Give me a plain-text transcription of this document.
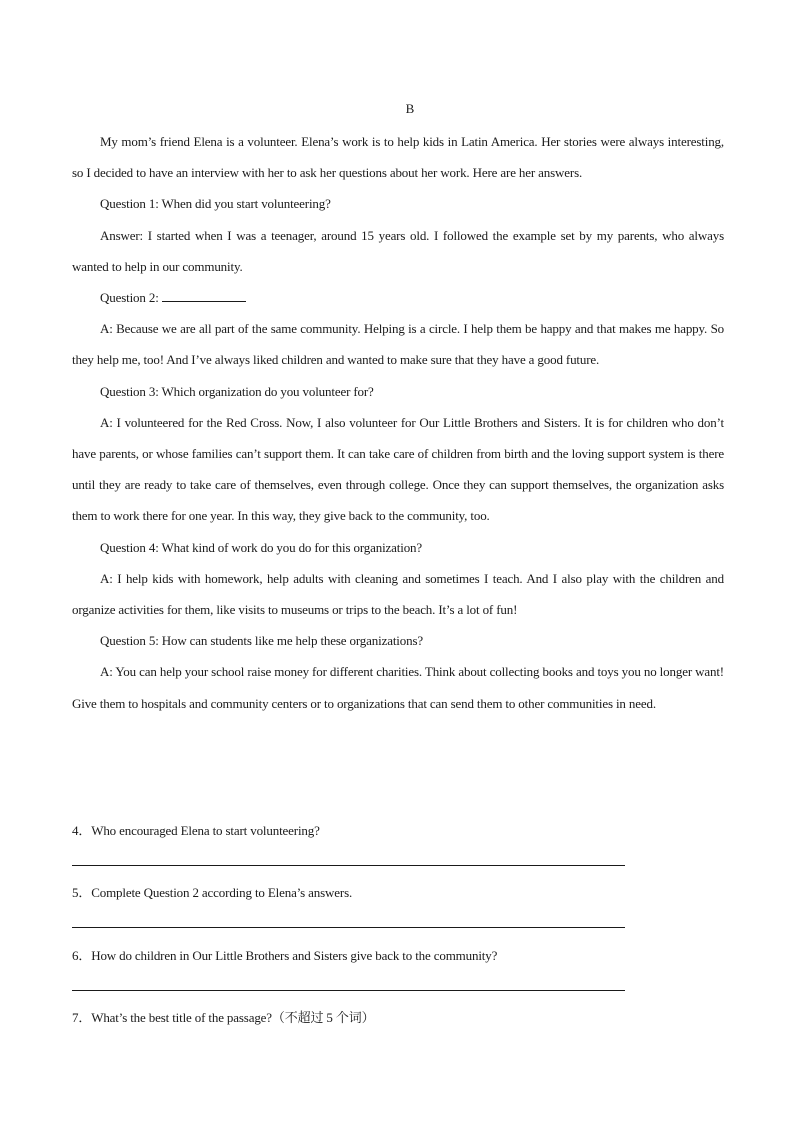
B

My mom’s friend Elena is a volunteer. Elena’s work is to help kids in Latin America. Her stories were always interesting, so I decided to have an interview with her to ask her questions about her work. Here are her answers.

Question 1: When did you start volunteering?

Answer: I started when I was a teenager, around 15 years old. I followed the example set by my parents, who always wanted to help in our community.

Question 2:

A: Because we are all part of the same community. Helping is a circle. I help them be happy and that makes me happy. So they help me, too! And I’ve always liked children and wanted to make sure that they have a good future.

Question 3: Which organization do you volunteer for?

A: I volunteered for the Red Cross. Now, I also volunteer for Our Little Brothers and Sisters. It is for children who don’t have parents, or whose families can’t support them. It can take care of children from birth and the loving support system is there until they are ready to take care of themselves, even through college. Once they can support themselves, the organization asks them to work there for one year. In this way, they give back to the community, too.

Question 4: What kind of work do you do for this organization?

A: I help kids with homework, help adults with cleaning and sometimes I teach. And I also play with the children and organize activities for them, like visits to museums or trips to the beach. It’s a lot of fun!

Question 5: How can students like me help these organizations?

A: You can help your school raise money for different charities. Think about collecting books and toys you no longer want! Give them to hospitals and community centers or to organizations that can send them to other communities in need.

4．Who encouraged Elena to start volunteering?
5．Complete Question 2 according to Elena’s answers.
6．How do children in Our Little Brothers and Sisters give back to the community?
7．What’s the best title of the passage?（不超过 5 个词）
